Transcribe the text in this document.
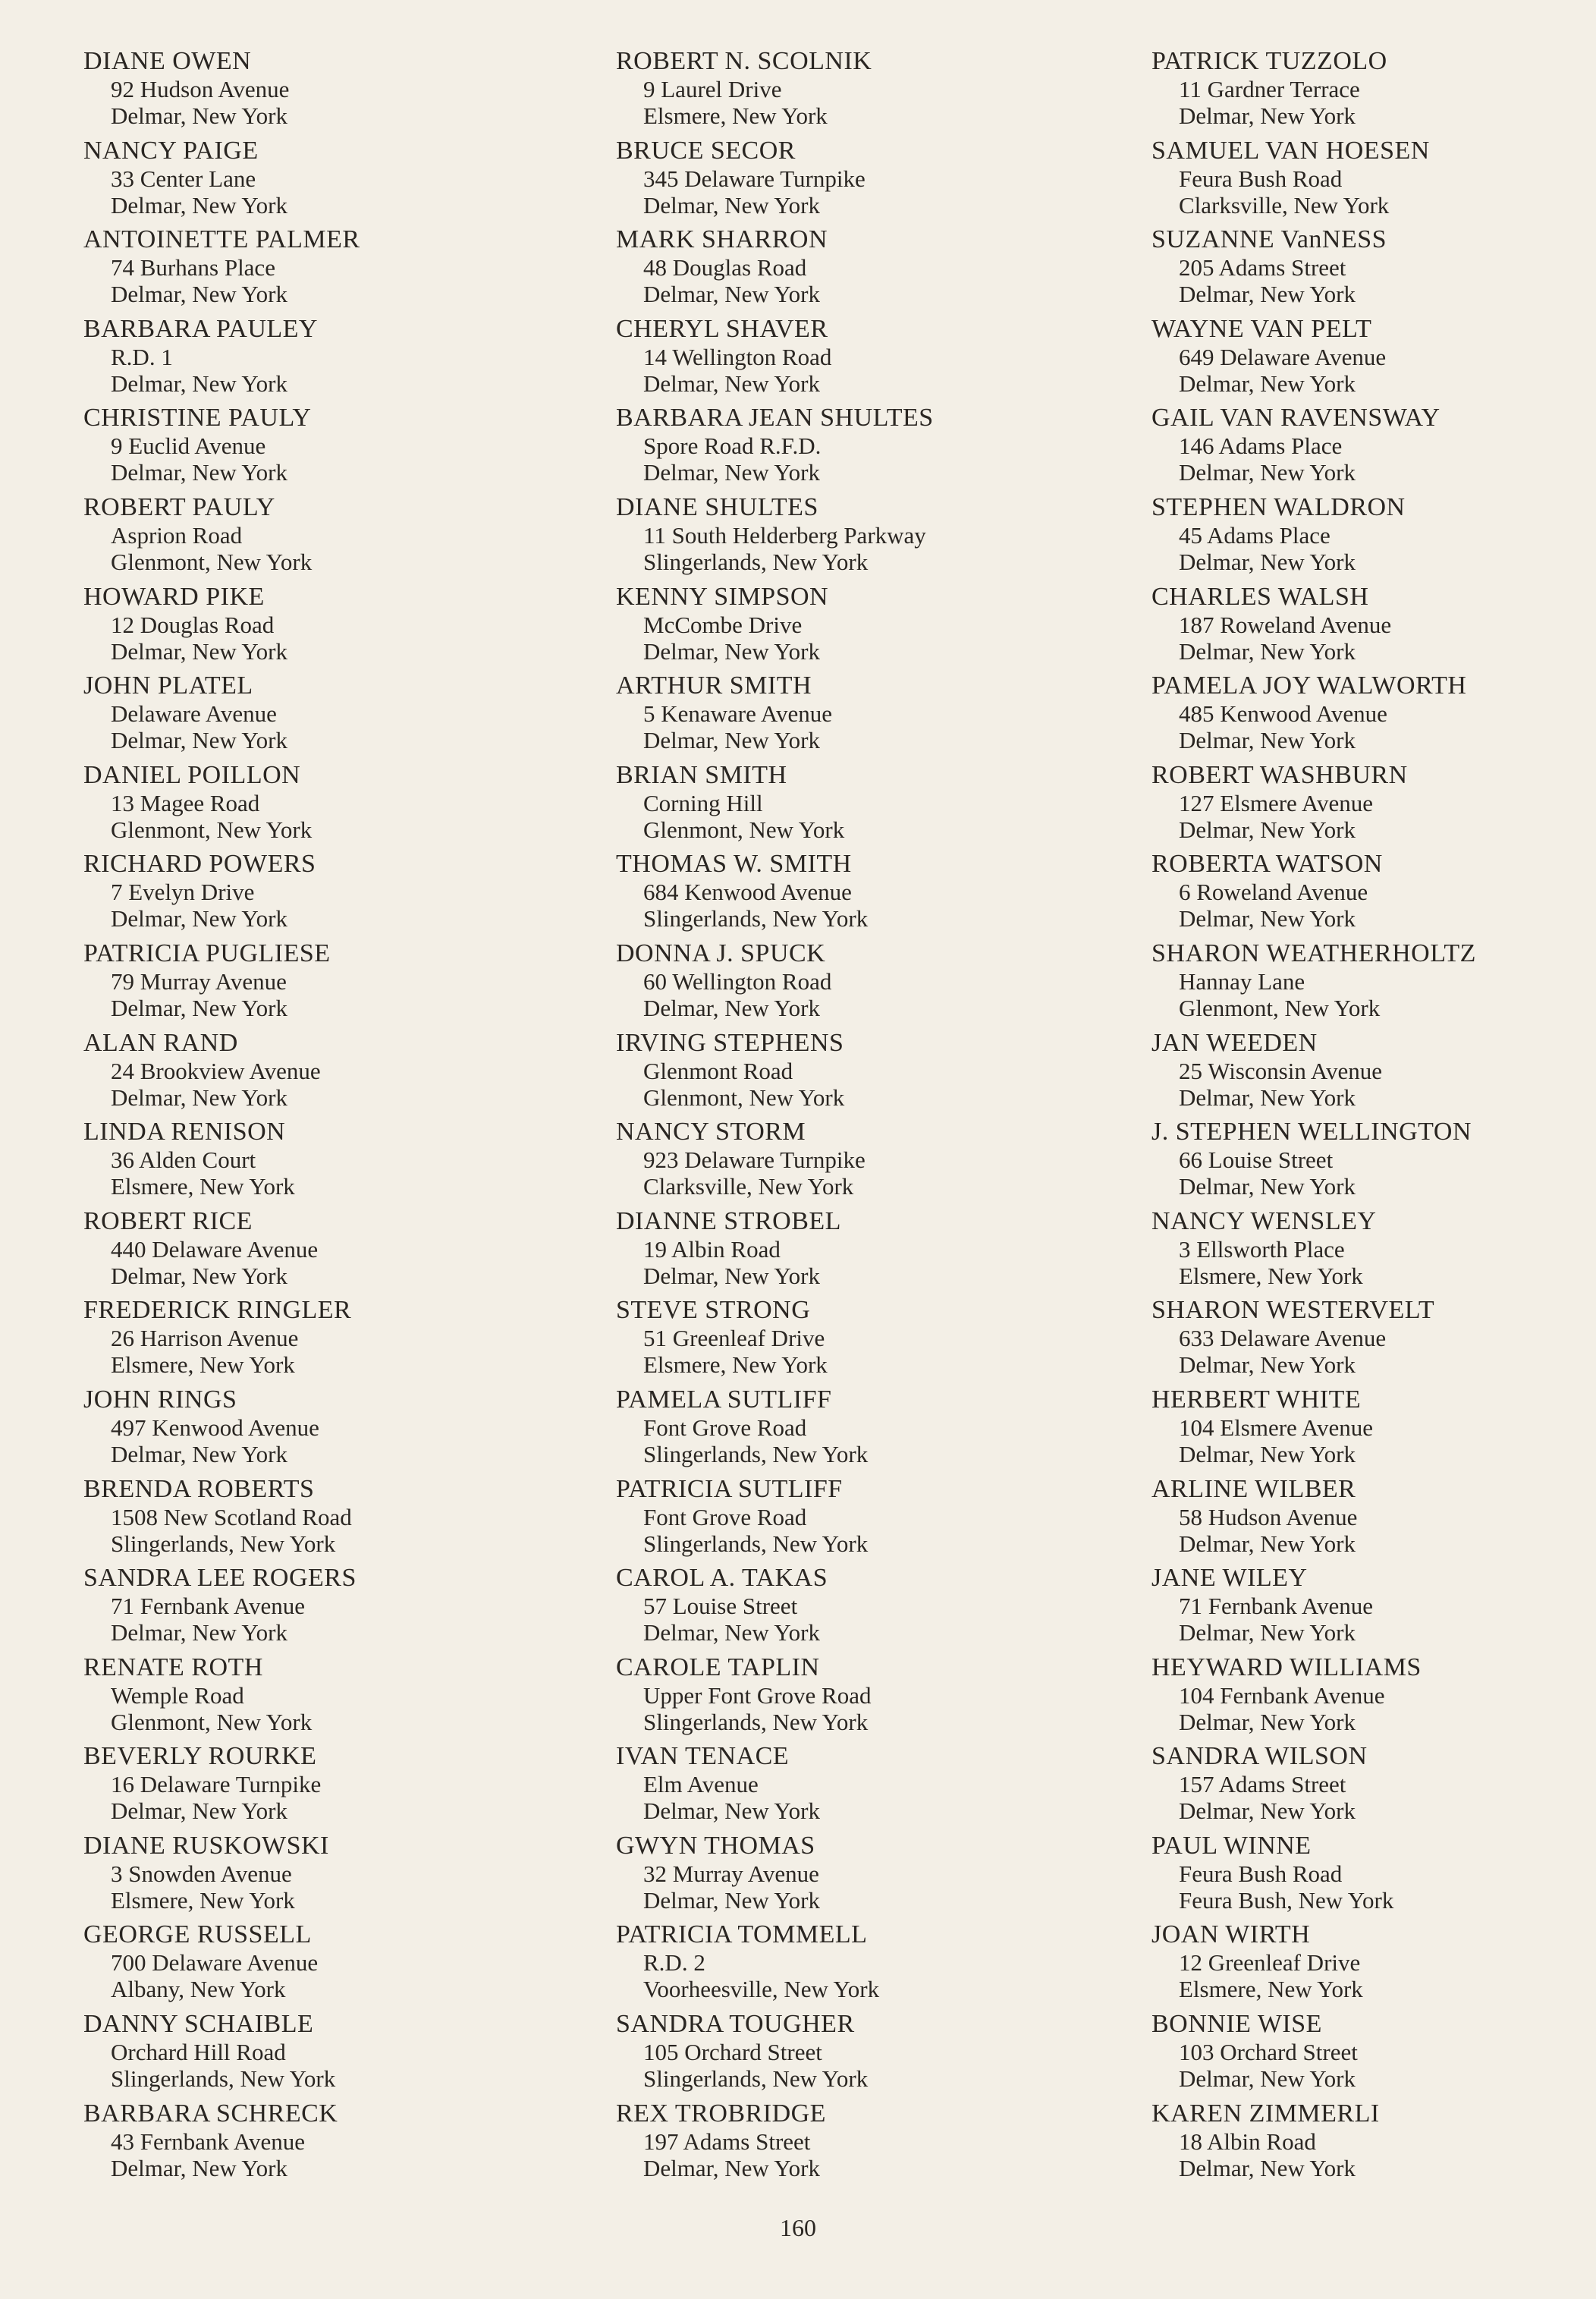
DIANE OWEN
92 Hudson Avenue
Delmar, New York
NANCY PAIGE
33 Center Lane
Delmar, New York
ANTOINETTE PALMER
74 Burhans Place
Delmar, New York
BARBARA PAULEY
R.D. 1
Delmar, New York
CHRISTINE PAULY
9 Euclid Avenue
Delmar, New York
ROBERT PAULY
Asprion Road
Glenmont, New York
HOWARD PIKE
12 Douglas Road
Delmar, New York
JOHN PLATEL
Delaware Avenue
Delmar, New York
DANIEL POILLON
13 Magee Road
Glenmont, New York
RICHARD POWERS
7 Evelyn Drive
Delmar, New York
PATRICIA PUGLIESE
79 Murray Avenue
Delmar, New York
ALAN RAND
24 Brookview Avenue
Delmar, New York
LINDA RENISON
36 Alden Court
Elsmere, New York
ROBERT RICE
440 Delaware Avenue
Delmar, New York
FREDERICK RINGLER
26 Harrison Avenue
Elsmere, New York
JOHN RINGS
497 Kenwood Avenue
Delmar, New York
BRENDA ROBERTS
1508 New Scotland Road
Slingerlands, New York
SANDRA LEE ROGERS
71 Fernbank Avenue
Delmar, New York
RENATE ROTH
Wemple Road
Glenmont, New York
BEVERLY ROURKE
16 Delaware Turnpike
Delmar, New York
DIANE RUSKOWSKI
3 Snowden Avenue
Elsmere, New York
GEORGE RUSSELL
700 Delaware Avenue
Albany, New York
DANNY SCHAIBLE
Orchard Hill Road
Slingerlands, New York
BARBARA SCHRECK
43 Fernbank Avenue
Delmar, New York
ROBERT N. SCOLNIK
9 Laurel Drive
Elsmere, New York
BRUCE SECOR
345 Delaware Turnpike
Delmar, New York
MARK SHARRON
48 Douglas Road
Delmar, New York
CHERYL SHAVER
14 Wellington Road
Delmar, New York
BARBARA JEAN SHULTES
Spore Road R.F.D.
Delmar, New York
DIANE SHULTES
11 South Helderberg Parkway
Slingerlands, New York
KENNY SIMPSON
McCombe Drive
Delmar, New York
ARTHUR SMITH
5 Kenaware Avenue
Delmar, New York
BRIAN SMITH
Corning Hill
Glenmont, New York
THOMAS W. SMITH
684 Kenwood Avenue
Slingerlands, New York
DONNA J. SPUCK
60 Wellington Road
Delmar, New York
IRVING STEPHENS
Glenmont Road
Glenmont, New York
NANCY STORM
923 Delaware Turnpike
Clarksville, New York
DIANNE STROBEL
19 Albin Road
Delmar, New York
STEVE STRONG
51 Greenleaf Drive
Elsmere, New York
PAMELA SUTLIFF
Font Grove Road
Slingerlands, New York
PATRICIA SUTLIFF
Font Grove Road
Slingerlands, New York
CAROL A. TAKAS
57 Louise Street
Delmar, New York
CAROLE TAPLIN
Upper Font Grove Road
Slingerlands, New York
IVAN TENACE
Elm Avenue
Delmar, New York
GWYN THOMAS
32 Murray Avenue
Delmar, New York
PATRICIA TOMMELL
R.D. 2
Voorheesville, New York
SANDRA TOUGHER
105 Orchard Street
Slingerlands, New York
REX TROBRIDGE
197 Adams Street
Delmar, New York
PATRICK TUZZOLO
11 Gardner Terrace
Delmar, New York
SAMUEL VAN HOESEN
Feura Bush Road
Clarksville, New York
SUZANNE VanNESS
205 Adams Street
Delmar, New York
WAYNE VAN PELT
649 Delaware Avenue
Delmar, New York
GAIL VAN RAVENSWAY
146 Adams Place
Delmar, New York
STEPHEN WALDRON
45 Adams Place
Delmar, New York
CHARLES WALSH
187 Roweland Avenue
Delmar, New York
PAMELA JOY WALWORTH
485 Kenwood Avenue
Delmar, New York
ROBERT WASHBURN
127 Elsmere Avenue
Delmar, New York
ROBERTA WATSON
6 Roweland Avenue
Delmar, New York
SHARON WEATHERHOLTZ
Hannay Lane
Glenmont, New York
JAN WEEDEN
25 Wisconsin Avenue
Delmar, New York
J. STEPHEN WELLINGTON
66 Louise Street
Delmar, New York
NANCY WENSLEY
3 Ellsworth Place
Elsmere, New York
SHARON WESTERVELT
633 Delaware Avenue
Delmar, New York
HERBERT WHITE
104 Elsmere Avenue
Delmar, New York
ARLINE WILBER
58 Hudson Avenue
Delmar, New York
JANE WILEY
71 Fernbank Avenue
Delmar, New York
HEYWARD WILLIAMS
104 Fernbank Avenue
Delmar, New York
SANDRA WILSON
157 Adams Street
Delmar, New York
PAUL WINNE
Feura Bush Road
Feura Bush, New York
JOAN WIRTH
12 Greenleaf Drive
Elsmere, New York
BONNIE WISE
103 Orchard Street
Delmar, New York
KAREN ZIMMERLI
18 Albin Road
Delmar, New York
160
